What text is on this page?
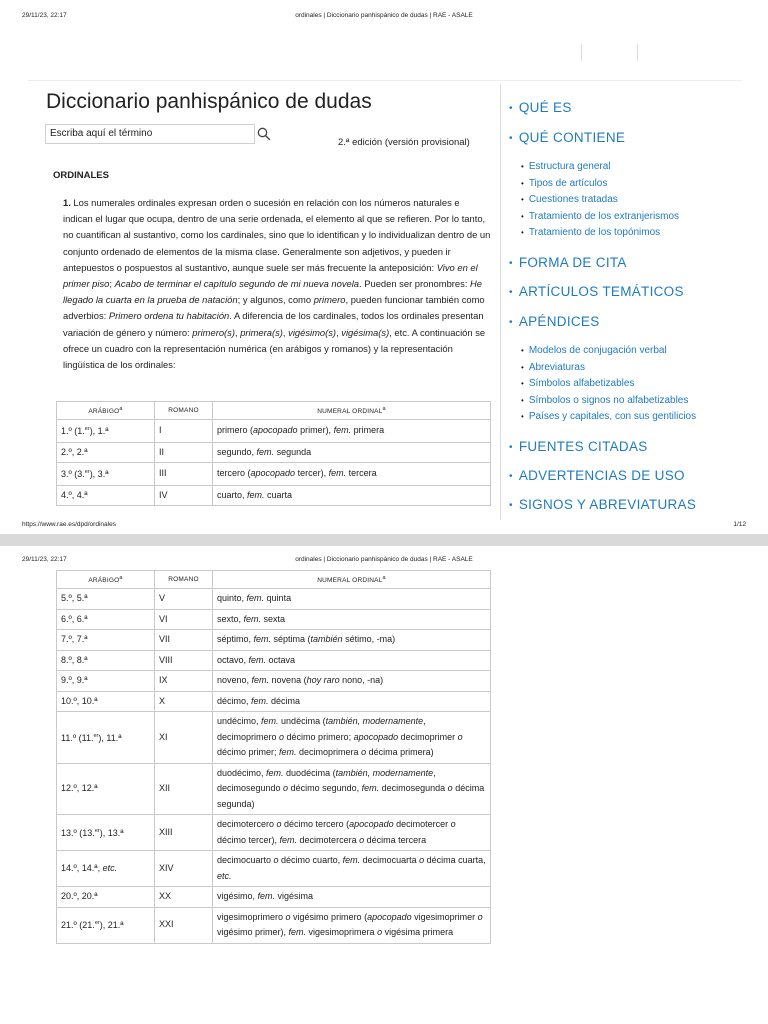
29/11/23, 22:17	ordinales | Diccionario panhispánico de dudas | RAE - ASALE
Diccionario panhispánico de dudas
Escriba aquí el término
2.ª edición (versión provisional)
ORDINALES

1. Los numerales ordinales expresan orden o sucesión en relación con los números naturales e indican el lugar que ocupa, dentro de una serie ordenada, el elemento al que se refieren. Por lo tanto, no cuantifican al sustantivo, como los cardinales, sino que lo identifican y lo individualizan dentro de un conjunto ordenado de elementos de la misma clase. Generalmente son adjetivos, y pueden ir antepuestos o pospuestos al sustantivo, aunque suele ser más frecuente la anteposición: Vivo en el primer piso; Acabo de terminar el capítulo segundo de mi nueva novela. Pueden ser pronombres: He llegado la cuarta en la prueba de natación; y algunos, como primero, pueden funcionar también como adverbios: Primero ordena tu habitación. A diferencia de los cardinales, todos los ordinales presentan variación de género y número: primero(s), primera(s), vigésimo(s), vigésima(s), etc. A continuación se ofrece un cuadro con la representación numérica (en arábigos y romanos) y la representación lingüística de los ordinales:

ARÁBIGO$^a$	ROMANO	NUMERAL ORDINAL$^a$
1.º (1.$^{er}$), 1.ª	I	primero (apocopado primer), fem. primera
2.º, 2.ª	II	segundo, fem. segunda
3.º (3.$^{er}$), 3.ª	III	tercero (apocopado tercer), fem. tercera
4.º, 4.ª	IV	cuarto, fem. cuarta
https://www.rae.es/dpd/ordinales	1/12
• QUÉ ES
• QUÉ CONTIENE
• Estructura general
• Tipos de artículos
• Cuestiones tratadas
• Tratamiento de los extranjerismos
• Tratamiento de los topónimos
• FORMA DE CITA
• ARTÍCULOS TEMÁTICOS
• APÉNDICES
• Modelos de conjugación verbal
• Abreviaturas
• Símbolos alfabetizables
• Símbolos o signos no alfabetizables
• Países y capitales, con sus gentilicios
• FUENTES CITADAS
• ADVERTENCIAS DE USO
• SIGNOS Y ABREVIATURAS
29/11/23, 22:17	ordinales | Diccionario panhispánico de dudas | RAE - ASALE
ARÁBIGO$^a$	ROMANO	NUMERAL ORDINAL$^a$
5.º, 5.ª	V	quinto, fem. quinta
6.º, 6.ª	VI	sexto, fem. sexta
7.º, 7.ª	VII	séptimo, fem. séptima (también sétimo, -ma)
8.º, 8.ª	VIII	octavo, fem. octava
9.º, 9.ª	IX	noveno, fem. novena (hoy raro nono, -na)
10.º, 10.ª	X	décimo, fem. décima
11.º (11.$^{er}$), 11.ª	XI	undécimo, fem. undécima (también, modernamente, decimoprimero o décimo primero; apocopado decimoprimer o décimo primer; fem. decimoprimera o décima primera)
12.º, 12.ª	XII	duodécimo, fem. duodécima (también, modernamente, decimosegundo o décimo segundo, fem. decimosegunda o décima segunda)
13.º (13.$^{er}$), 13.ª	XIII	decimotercero o décimo tercero (apocopado decimotercer o décimo tercer), fem. decimotercera o décima tercera
14.º, 14.ª, etc.	XIV	decimocuarto o décimo cuarto, fem. decimocuarta o décima cuarta, etc.
20.º, 20.ª	XX	vigésimo, fem. vigésima
21.º (21.$^{er}$), 21.ª	XXI	vigesimoprimero o vigésimo primero (apocopado vigesimoprimer o vigésimo primer), fem. vigesimoprimera o vigésima primera
